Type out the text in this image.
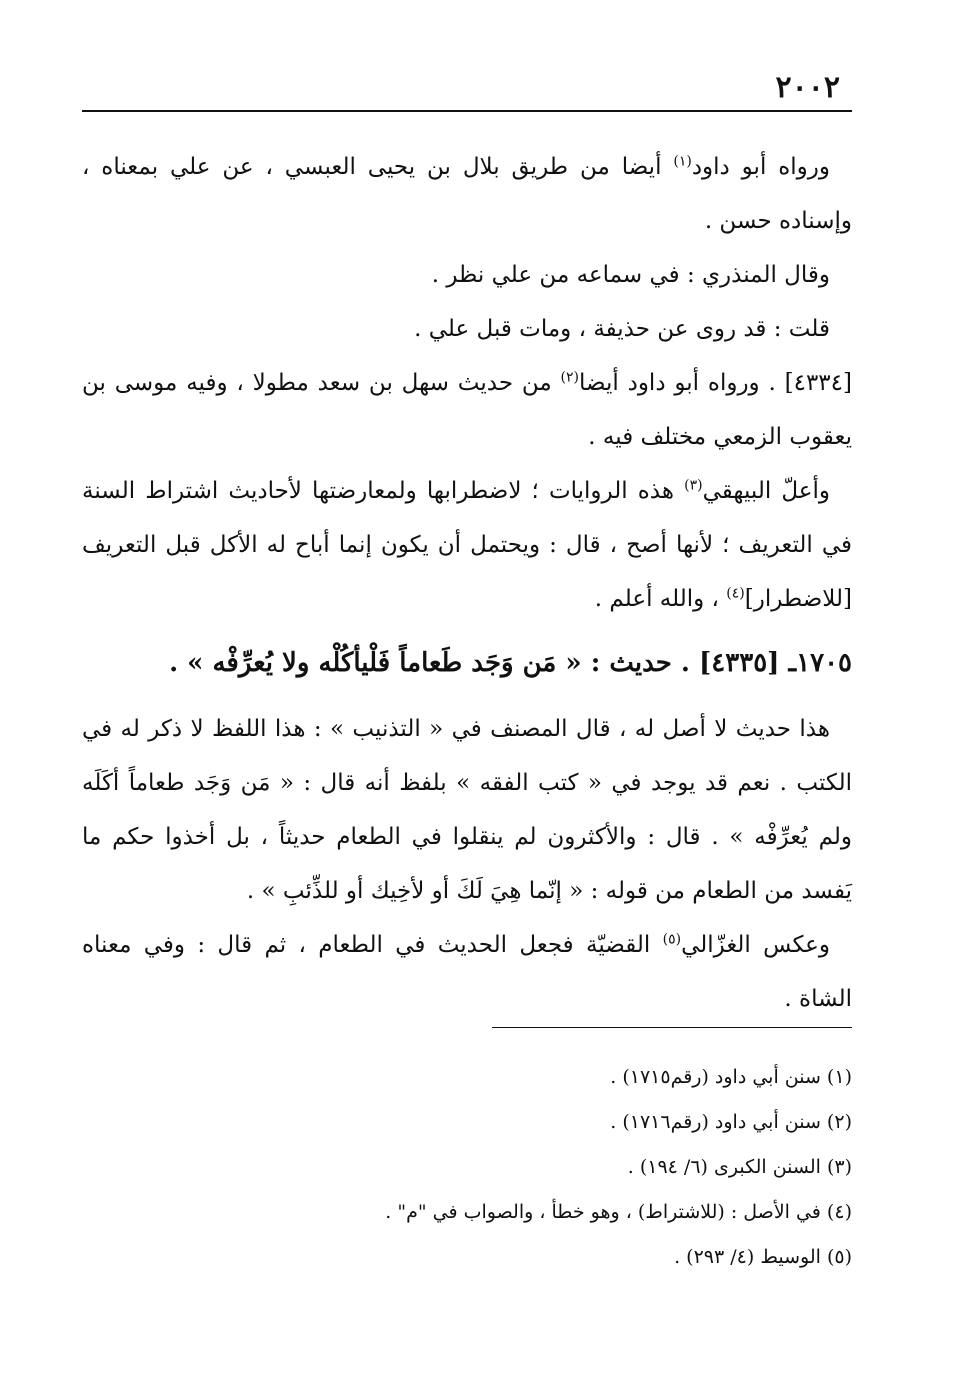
٢٠٠٢

ورواه أبو داود$^{(١)}$ أيضا من طريق بلال بن يحيى العبسي ، عن علي بمعناه ، وإسناده حسن .

وقال المنذري : في سماعه من علي نظر .

قلت : قد روى عن حذيفة ، ومات قبل علي .

[٤٣٣٤] . ورواه أبو داود أيضا$^{(٢)}$ من حديث سهل بن سعد مطولا ، وفيه موسى بن يعقوب الزمعي مختلف فيه .

وأعلّ البيهقي$^{(٣)}$ هذه الروايات ؛ لاضطرابها ولمعارضتها لأحاديث اشتراط السنة في التعريف ؛ لأنها أصح ، قال : ويحتمل أن يكون إنما أباح له الأكل قبل التعريف [للاضطرار]$^{(٤)}$ ، والله أعلم .

١٧٠٥ـ [٤٣٣٥] . حديث : « مَن وَجَد طَعاماً فَلْيأكُلْه ولا يُعرِّفْه » .

هذا حديث لا أصل له ، قال المصنف في « التذنيب » : هذا اللفظ لا ذكر له في الكتب . نعم قد يوجد في « كتب الفقه » بلفظ أنه قال : « مَن وَجَد طعاماً أكَلَه ولم يُعرِّفْه » . قال : والأكثرون لم ينقلوا في الطعام حديثاً ، بل أخذوا حكم ما يَفسد من الطعام من قوله : « إنّما هِيَ لَكَ أو لأخِيك أو للذِّئبِ » .

وعكس الغزّالي$^{(٥)}$ القضيّة فجعل الحديث في الطعام ، ثم قال : وفي معناه الشاة .

(١) سنن أبي داود (رقم١٧١٥) .
(٢) سنن أبي داود (رقم١٧١٦) .
(٣) السنن الكبرى (٦/ ١٩٤) .
(٤) في الأصل : (للاشتراط) ، وهو خطأ ، والصواب في "م" .
(٥) الوسيط (٤/ ٢٩٣) .
